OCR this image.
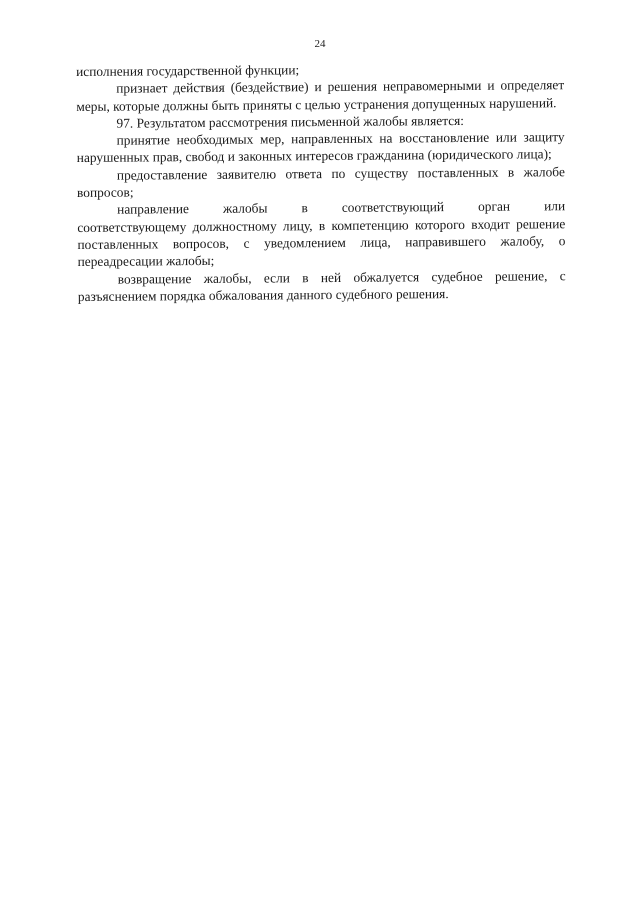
24

исполнения государственной функции;

признает действия (бездействие) и решения неправомерными и определяет меры, которые должны быть приняты с целью устранения допущенных нарушений.

97. Результатом рассмотрения письменной жалобы является:

принятие необходимых мер, направленных на восстановление или защиту нарушенных прав, свобод и законных интересов гражданина (юридического лица);

предоставление заявителю ответа по существу поставленных в жалобе вопросов;

направление	жалобы	в	соответствующий	орган	или

соответствующему должностному лицу, в компетенцию которого входит решение поставленных вопросов, с уведомлением лица, направившего жалобу, о переадресации жалобы;

возвращение жалобы, если в ней обжалуется судебное решение, с разъяснением порядка обжалования данного судебного решения.
